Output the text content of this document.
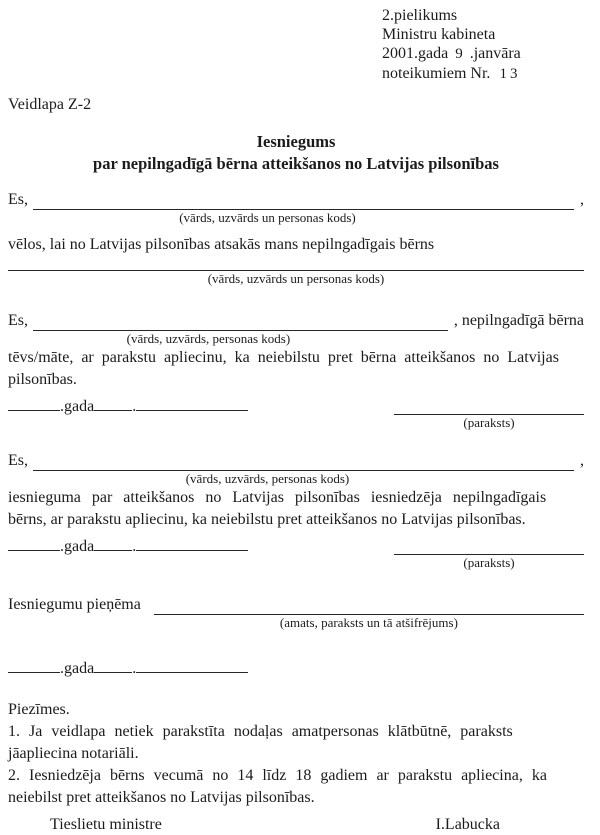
2.pielikums
Ministru kabineta
2001.gada 9 .janvāra
noteikumiem Nr. 13
Veidlapa Z-2
Iesniegums
par nepilngadīgā bērna atteikšanos no Latvijas pilsonības
Es,
(vārds, uzvārds un personas kods)
,
vēlos, lai no Latvijas pilsonības atsakās mans nepilngadīgais bērns
(vārds, uzvārds un personas kods)
Es,
(vārds, uzvārds, personas kods)
, nepilngadīgā bērna
tēvs/māte, ar parakstu apliecinu, ka neiebilstu pret bērna atteikšanos no Latvijas
pilsonības.
.gada .
(paraksts)
Es,
(vārds, uzvārds, personas kods)
,
iesnieguma par atteikšanos no Latvijas pilsonības iesniedzēja nepilngadīgais
bērns, ar parakstu apliecinu, ka neiebilstu pret atteikšanos no Latvijas pilsonības.
.gada .
(paraksts)
Iesniegumu pieņēma
(amats, paraksts un tā atšifrējums)
.gada .
Piezīmes.
1. Ja veidlapa netiek parakstīta nodaļas amatpersonas klātbūtnē, paraksts
jāapliecina notariāli.
2. Iesniedzēja bērns vecumā no 14 līdz 18 gadiem ar parakstu apliecina, ka
neiebilst pret atteikšanos no Latvijas pilsonības.
Tieslietu ministre	I.Labucka
